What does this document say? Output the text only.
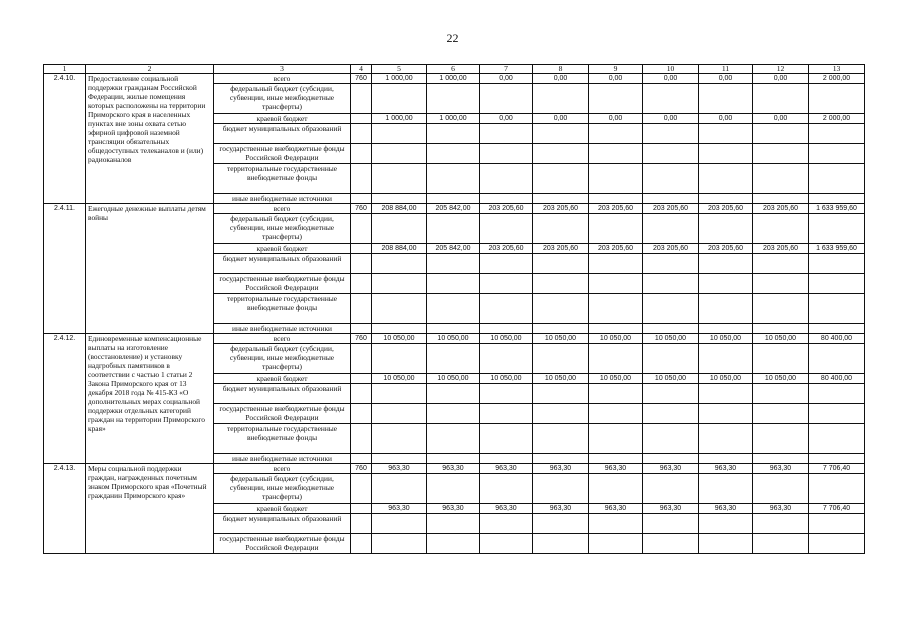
22
1	2	3	4	5	6	7	8	9	10	11	12	13
2.4.10.	Предоставление социальной поддержки гражданам Российской Федерации, жилые помещения которых расположены на территории Приморского края в населенных пунктах вне зоны охвата сетью эфирной цифровой наземной трансляции обязательных общедоступных телеканалов и (или) радиоканалов	всего	760	1 000,00	1 000,00	0,00	0,00	0,00	0,00	0,00	0,00	2 000,00
		федеральный бюджет (субсидии, субвенции, иные межбюджетные трансферты)										
		краевой бюджет		1 000,00	1 000,00	0,00	0,00	0,00	0,00	0,00	0,00	2 000,00
		бюджет муниципальных образований										
		государственные внебюджетные фонды Российской Федерации										
		территориальные государственные внебюджетные фонды										
		иные внебюджетные источники										
2.4.11.	Ежегодные денежные выплаты детям войны	всего	760	208 884,00	205 842,00	203 205,60	203 205,60	203 205,60	203 205,60	203 205,60	203 205,60	1 633 959,60
		федеральный бюджет (субсидии, субвенции, иные межбюджетные трансферты)										
		краевой бюджет		208 884,00	205 842,00	203 205,60	203 205,60	203 205,60	203 205,60	203 205,60	203 205,60	1 633 959,60
		бюджет муниципальных образований										
		государственные внебюджетные фонды Российской Федерации										
		территориальные государственные внебюджетные фонды										
		иные внебюджетные источники										
2.4.12.	Единовременные компенсационные выплаты на изготовление (восстановление) и установку надгробных памятников в соответствии с частью 1 статьи 2 Закона Приморского края от 13 декабря 2018 года № 415-КЗ «О дополнительных мерах социальной поддержки отдельных категорий граждан на территории Приморского края»	всего	760	10 050,00	10 050,00	10 050,00	10 050,00	10 050,00	10 050,00	10 050,00	10 050,00	80 400,00
		федеральный бюджет (субсидии, субвенции, иные межбюджетные трансферты)										
		краевой бюджет		10 050,00	10 050,00	10 050,00	10 050,00	10 050,00	10 050,00	10 050,00	10 050,00	80 400,00
		бюджет муниципальных образований										
		государственные внебюджетные фонды Российской Федерации										
		территориальные государственные внебюджетные фонды										
		иные внебюджетные источники										
2.4.13.	Меры социальной поддержки граждан, награжденных почетным знаком Приморского края «Почетный гражданин Приморского края»	всего	760	963,30	963,30	963,30	963,30	963,30	963,30	963,30	963,30	7 706,40
		федеральный бюджет (субсидии, субвенции, иные межбюджетные трансферты)										
		краевой бюджет		963,30	963,30	963,30	963,30	963,30	963,30	963,30	963,30	7 706,40
		бюджет муниципальных образований										
		государственные внебюджетные фонды Российской Федерации										
